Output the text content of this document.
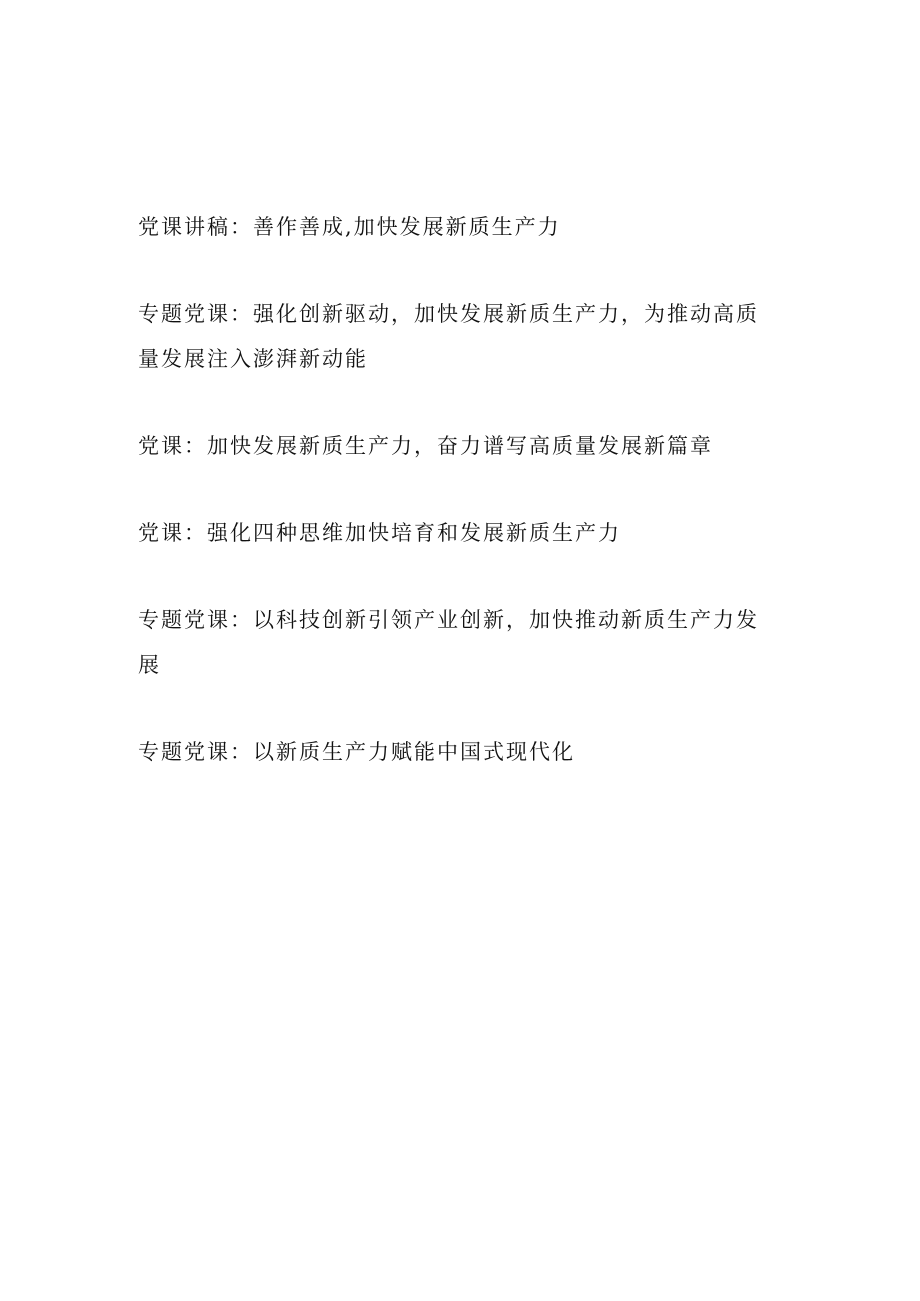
党课讲稿：善作善成,加快发展新质生产力
专题党课：强化创新驱动，加快发展新质生产力，为推动高质量发展注入澎湃新动能
党课：加快发展新质生产力，奋力谱写高质量发展新篇章
党课：强化四种思维加快培育和发展新质生产力
专题党课：以科技创新引领产业创新，加快推动新质生产力发展
专题党课：以新质生产力赋能中国式现代化
